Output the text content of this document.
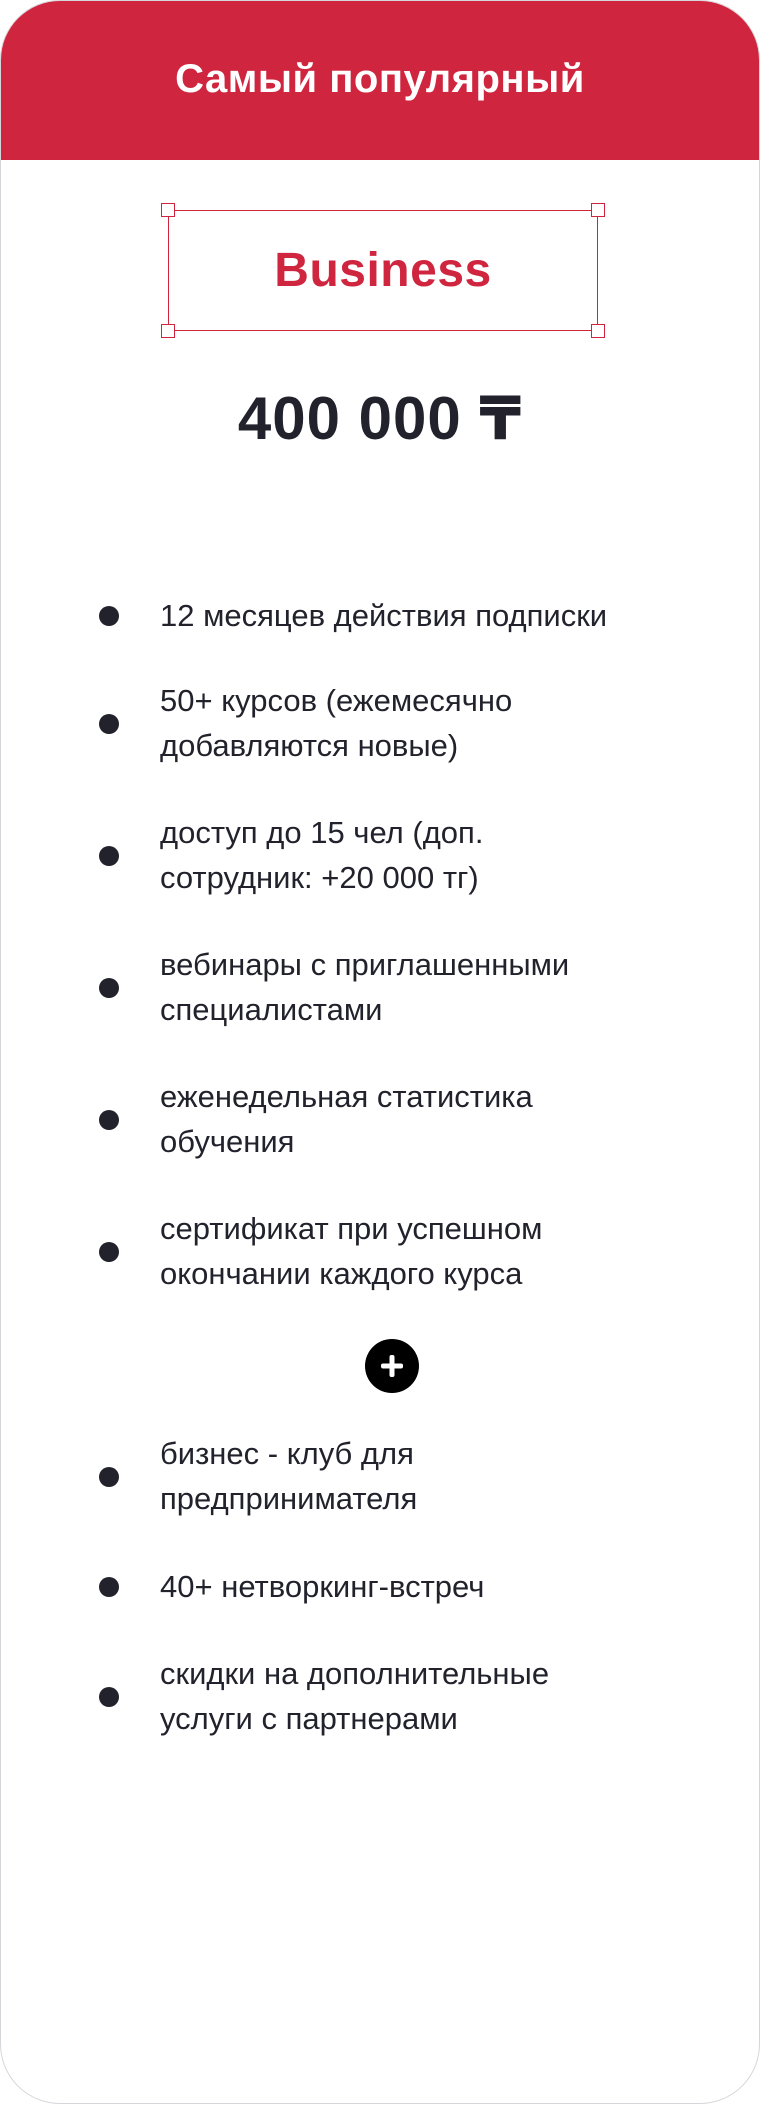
Самый популярный
Business
400 000 ₸
12 месяцев действия подписки
50+ курсов (ежемесячно добавляются новые)
доступ до 15 чел (доп. сотрудник: +20 000 тг)
вебинары с приглашенными специалистами
еженедельная статистика обучения
сертификат при успешном окончании каждого курса
бизнес - клуб для предпринимателя
40+ нетворкинг-встреч
скидки на дополнительные услуги с партнерами
